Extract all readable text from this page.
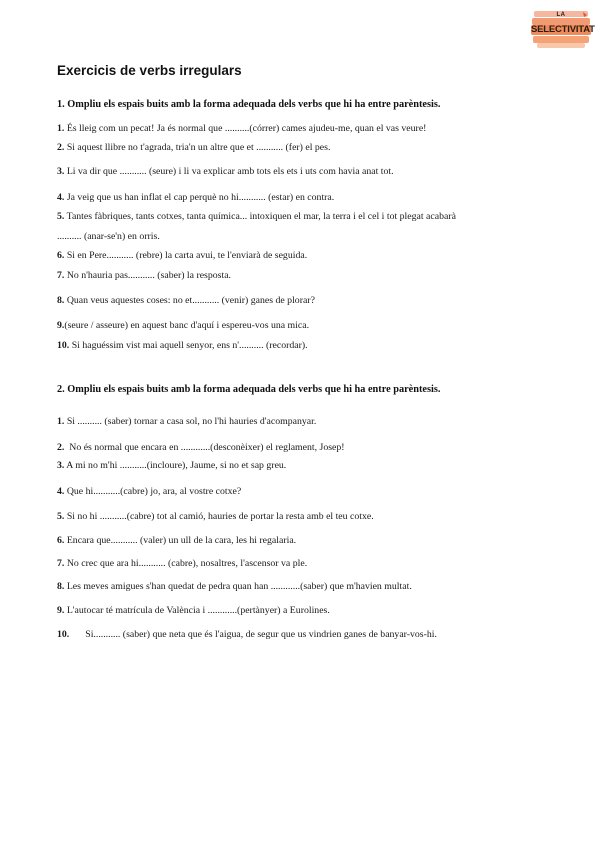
LA
SELECTIVITAT
Exercicis de verbs irregulars
1. Ompliu els espais buits amb la forma adequada dels verbs que hi ha entre parèntesis.
1. És lleig com un pecat! Ja és normal que ..........(córrer) cames ajudeu-me, quan el vas veure!
2. Si aquest llibre no t'agrada, tria'n un altre que et ........... (fer) el pes.
3. Li va dir que ........... (seure) i li va explicar amb tots els ets i uts com havia anat tot.
4. Ja veig que us han inflat el cap perquè no hi........... (estar) en contra.
5. Tantes fàbriques, tants cotxes, tanta química... intoxiquen el mar, la terra i el cel i tot plegat acabarà
.......... (anar-se'n) en orris.
6. Si en Pere........... (rebre) la carta avui, te l'enviarà de seguida.
7. No n'hauria pas........... (saber) la resposta.
8. Quan veus aquestes coses: no et........... (venir) ganes de plorar?
9.(seure / asseure) en aquest banc d'aquí i espereu-vos una mica.
10. Si haguéssim vist mai aquell senyor, ens n'.......... (recordar).
2. Ompliu els espais buits amb la forma adequada dels verbs que hi ha entre parèntesis.
1. Si .......... (saber) tornar a casa sol, no l'hi hauries d'acompanyar.
2. No és normal que encara en ............(desconèixer) el reglament, Josep!
3. A mi no m'hi ...........(incloure), Jaume, si no et sap greu.
4. Que hi...........(cabre) jo, ara, al vostre cotxe?
5. Si no hi ...........(cabre) tot al camió, hauries de portar la resta amb el teu cotxe.
6. Encara que........... (valer) un ull de la cara, les hi regalaria.
7. No crec que ara hi........... (cabre), nosaltres, l'ascensor va ple.
8. Les meves amigues s'han quedat de pedra quan han ............(saber) que m'havien multat.
9. L'autocar té matrícula de València i ............(pertànyer) a Eurolines.
10. Si........... (saber) que neta que és l'aigua, de segur que us vindrien ganes de banyar-vos-hi.
